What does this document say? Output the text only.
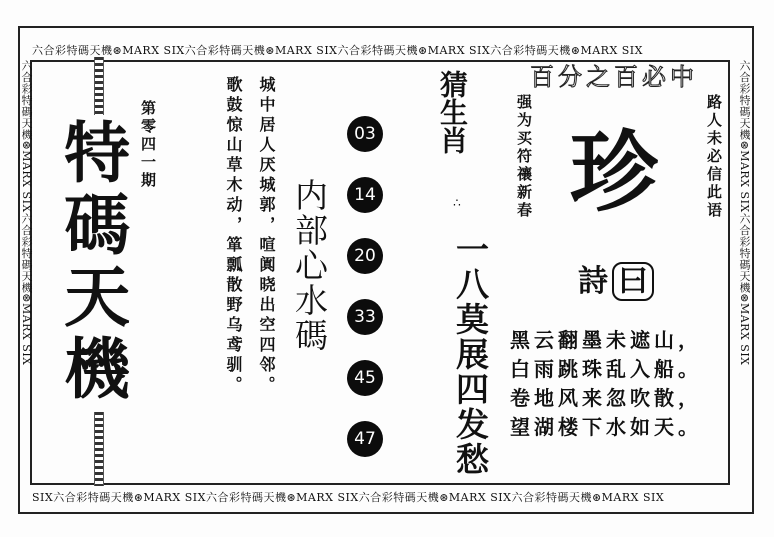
六合彩特碼天機⊛MARX SIX六合彩特碼天機⊛MARX SIX六合彩特碼天機⊛MARX SIX六合彩特碼天機⊛MARX SIX
SIX六合彩特碼天機⊛MARX SIX六合彩特碼天機⊛MARX SIX六合彩特碼天機⊛MARX SIX六合彩特碼天機⊛MARX SIX
六合彩特碼天機⊛MARX SIX六合彩特碼天機⊛MARX SIX	六合彩特碼天機⊛MARX SIX六合彩特碼天機⊛MARX SIX
第零四一期
特碼天機	城中居人厌城郭，喧阗晓出空四邻。
歌鼓惊山草木动，箪瓢散野乌鸢驯。 内部心水碼
03
14
20
33
45
47
猜生肖
∴
一八莫展四发愁
百分之百必中
强为买符禳新春	路人未必信此语
珍
詩 曰
黑云翻墨未遮山，
白雨跳珠乱入船。
卷地风来忽吹散，
望湖楼下水如天。
